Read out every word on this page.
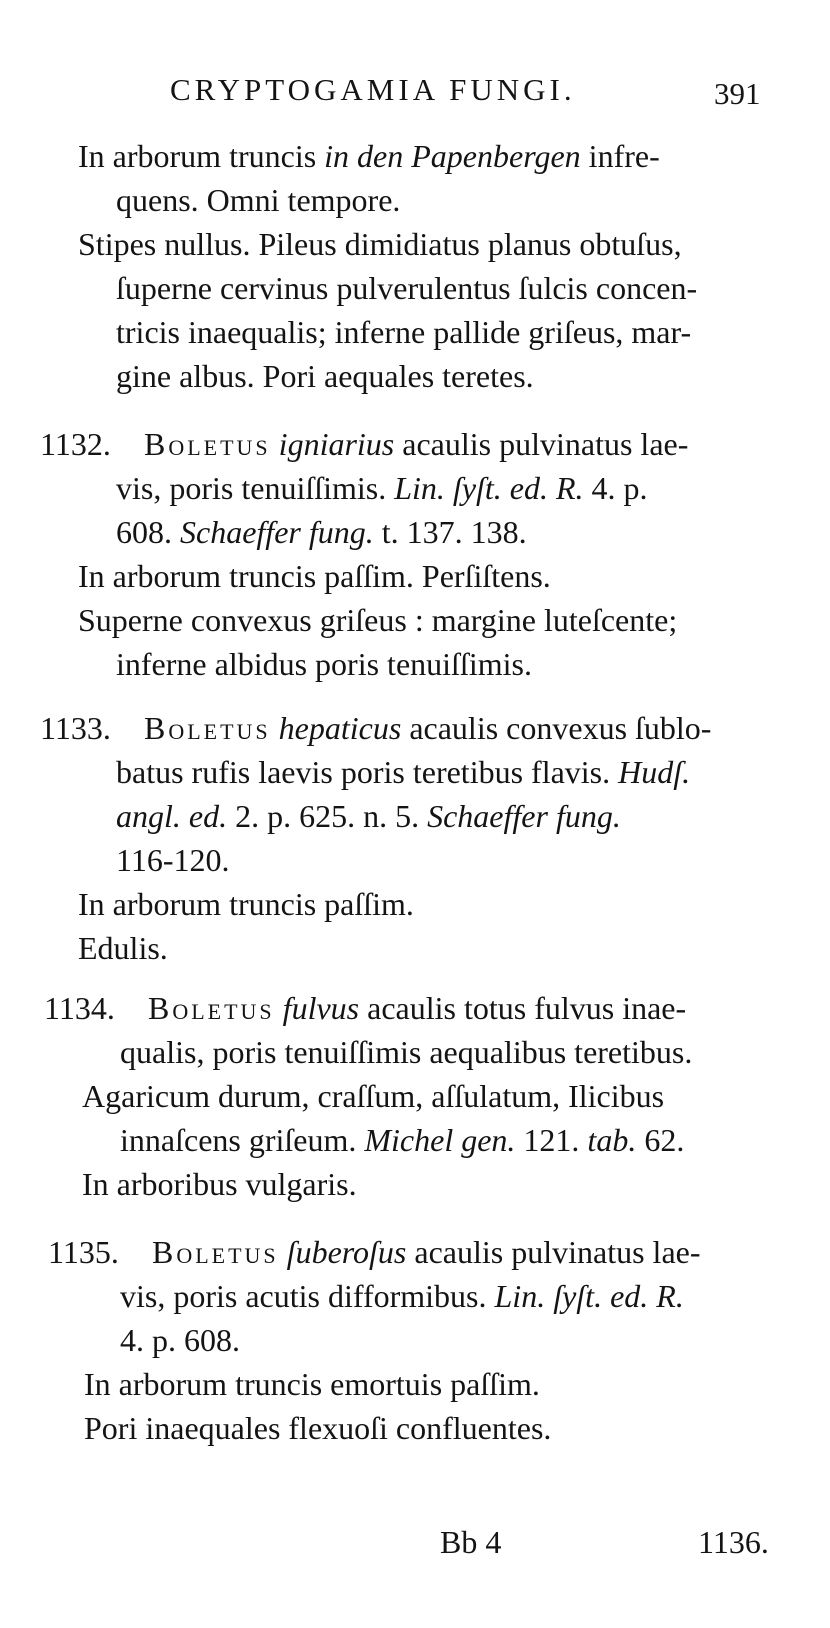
CRYPTOGAMIA FUNGI.	391
In arborum truncis in den Papenbergen infre-
quens. Omni tempore.
Stipes nullus. Pileus dimidiatus planus obtuſus,
ſuperne cervinus pulverulentus ſulcis concen-
tricis inaequalis; inferne pallide griſeus, mar-
gine albus. Pori aequales teretes.
1132. Boletus igniarius acaulis pulvinatus lae-
vis, poris tenuiſſimis. Lin. ſyſt. ed. R. 4. p.
608. Schaeffer fung. t. 137. 138.
In arborum truncis paſſim. Perſiſtens.
Superne convexus griſeus : margine luteſcente;
inferne albidus poris tenuiſſimis.
1133. Boletus hepaticus acaulis convexus ſublo-
batus rufis laevis poris teretibus flavis. Hudſ.
angl. ed. 2. p. 625. n. 5. Schaeffer fung.
116-120.
In arborum truncis paſſim.
Edulis.
1134. Boletus fulvus acaulis totus fulvus inae-
qualis, poris tenuiſſimis aequalibus teretibus.
Agaricum durum, craſſum, aſſulatum, Ilicibus
innaſcens griſeum. Michel gen. 121. tab. 62.
In arboribus vulgaris.
1135. Boletus ſuberoſus acaulis pulvinatus lae-
vis, poris acutis difformibus. Lin. ſyſt. ed. R.
4. p. 608.
In arborum truncis emortuis paſſim.
Pori inaequales flexuoſi confluentes.
Bb 4	1136.
